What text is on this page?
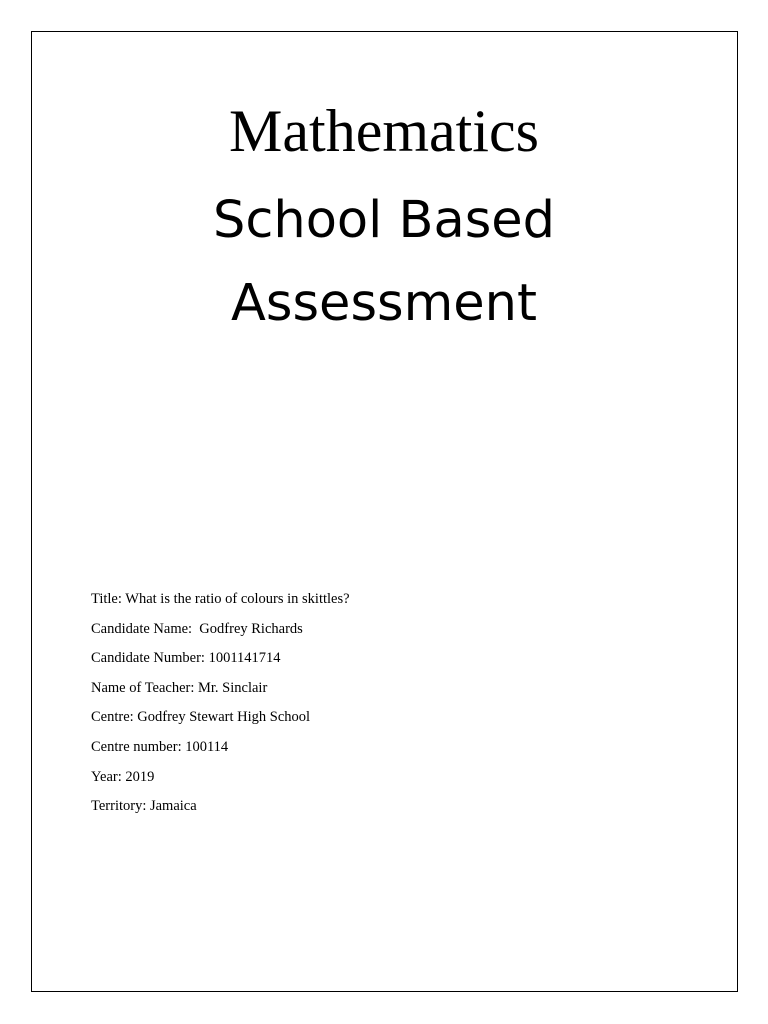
Mathematics
School Based
Assessment
Title: What is the ratio of colours in skittles?
Candidate Name:  Godfrey Richards
Candidate Number: 1001141714
Name of Teacher: Mr. Sinclair
Centre: Godfrey Stewart High School
Centre number: 100114
Year: 2019
Territory: Jamaica
